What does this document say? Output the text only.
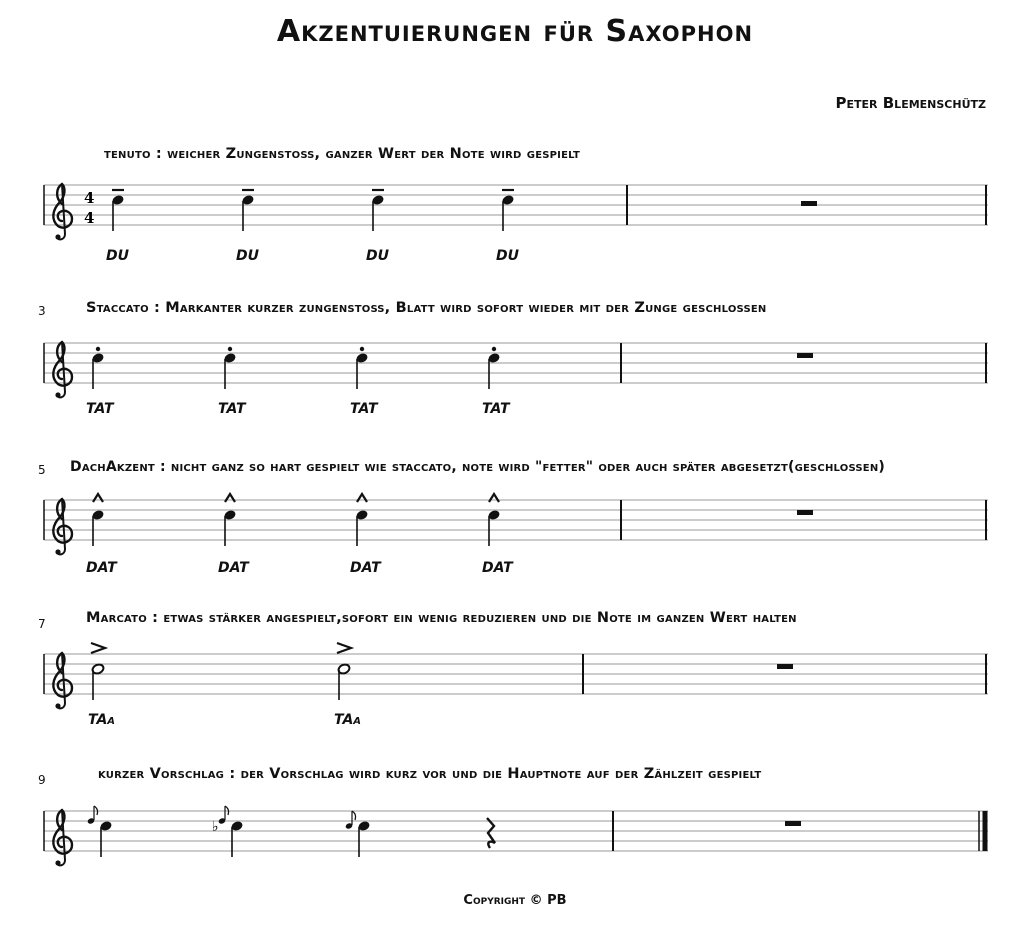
Akzentuierungen für Saxophon
Peter Blemenschütz
tenuto : weicher Zungenstoß, ganzer Wert der Note wird gespielt
3	Staccato : Markanter kurzer zungenstoß, Blatt wird sofort wieder mit der Zunge geschlossen
5 DachAkzent : nicht ganz so hart gespielt wie staccato, note wird "fetter" oder auch später abgesetzt(geschlossen)
7	Marcato : etwas stärker angespielt,sofort ein wenig reduzieren und die Note im ganzen Wert halten
9	kurzer Vorschlag : der Vorschlag wird kurz vor und die Hauptnote auf der Zählzeit gespielt
DU	DU	DU	DU
TAT	TAT	TAT	TAT
DAT	DAT	DAT	DAT
TAa	TAa
Copyright © PB
4
4
♭
